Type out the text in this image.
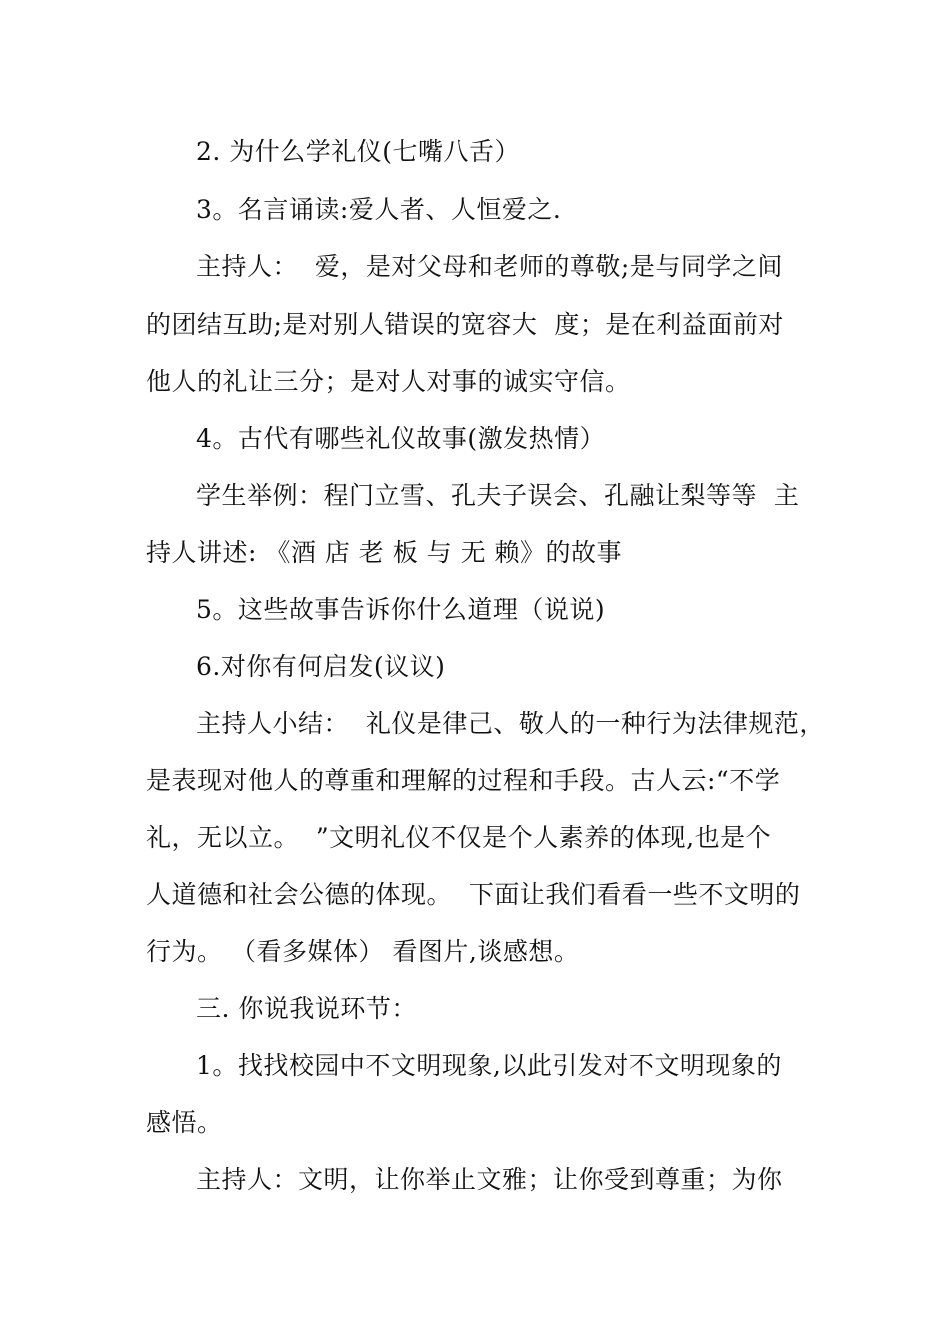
2. 为什么学礼仪(七嘴八舌）
3。名言诵读:爱人者、人恒爱之.
主持人：  爱，是对父母和老师的尊敬;是与同学之间
的团结互助;是对别人错误的宽容大  度；是在利益面前对
他人的礼让三分；是对人对事的诚实守信。
4。古代有哪些礼仪故事(激发热情）
学生举例：程门立雪、孔夫子误会、孔融让梨等等  主
持人讲述: 《酒 店 老 板 与 无 赖》的故事
5。这些故事告诉你什么道理（说说)
6.对你有何启发(议议)
主持人小结：  礼仪是律己、敬人的一种行为法律规范，
是表现对他人的尊重和理解的过程和手段。古人云:“不学
礼，无以立。  ”文明礼仪不仅是个人素养的体现,也是个
人道德和社会公德的体现。  下面让我们看看一些不文明的
行为。 （看多媒体） 看图片,谈感想。
三. 你说我说环节：
1。找找校园中不文明现象,以此引发对不文明现象的
感悟。
主持人：文明，让你举止文雅；让你受到尊重；为你
